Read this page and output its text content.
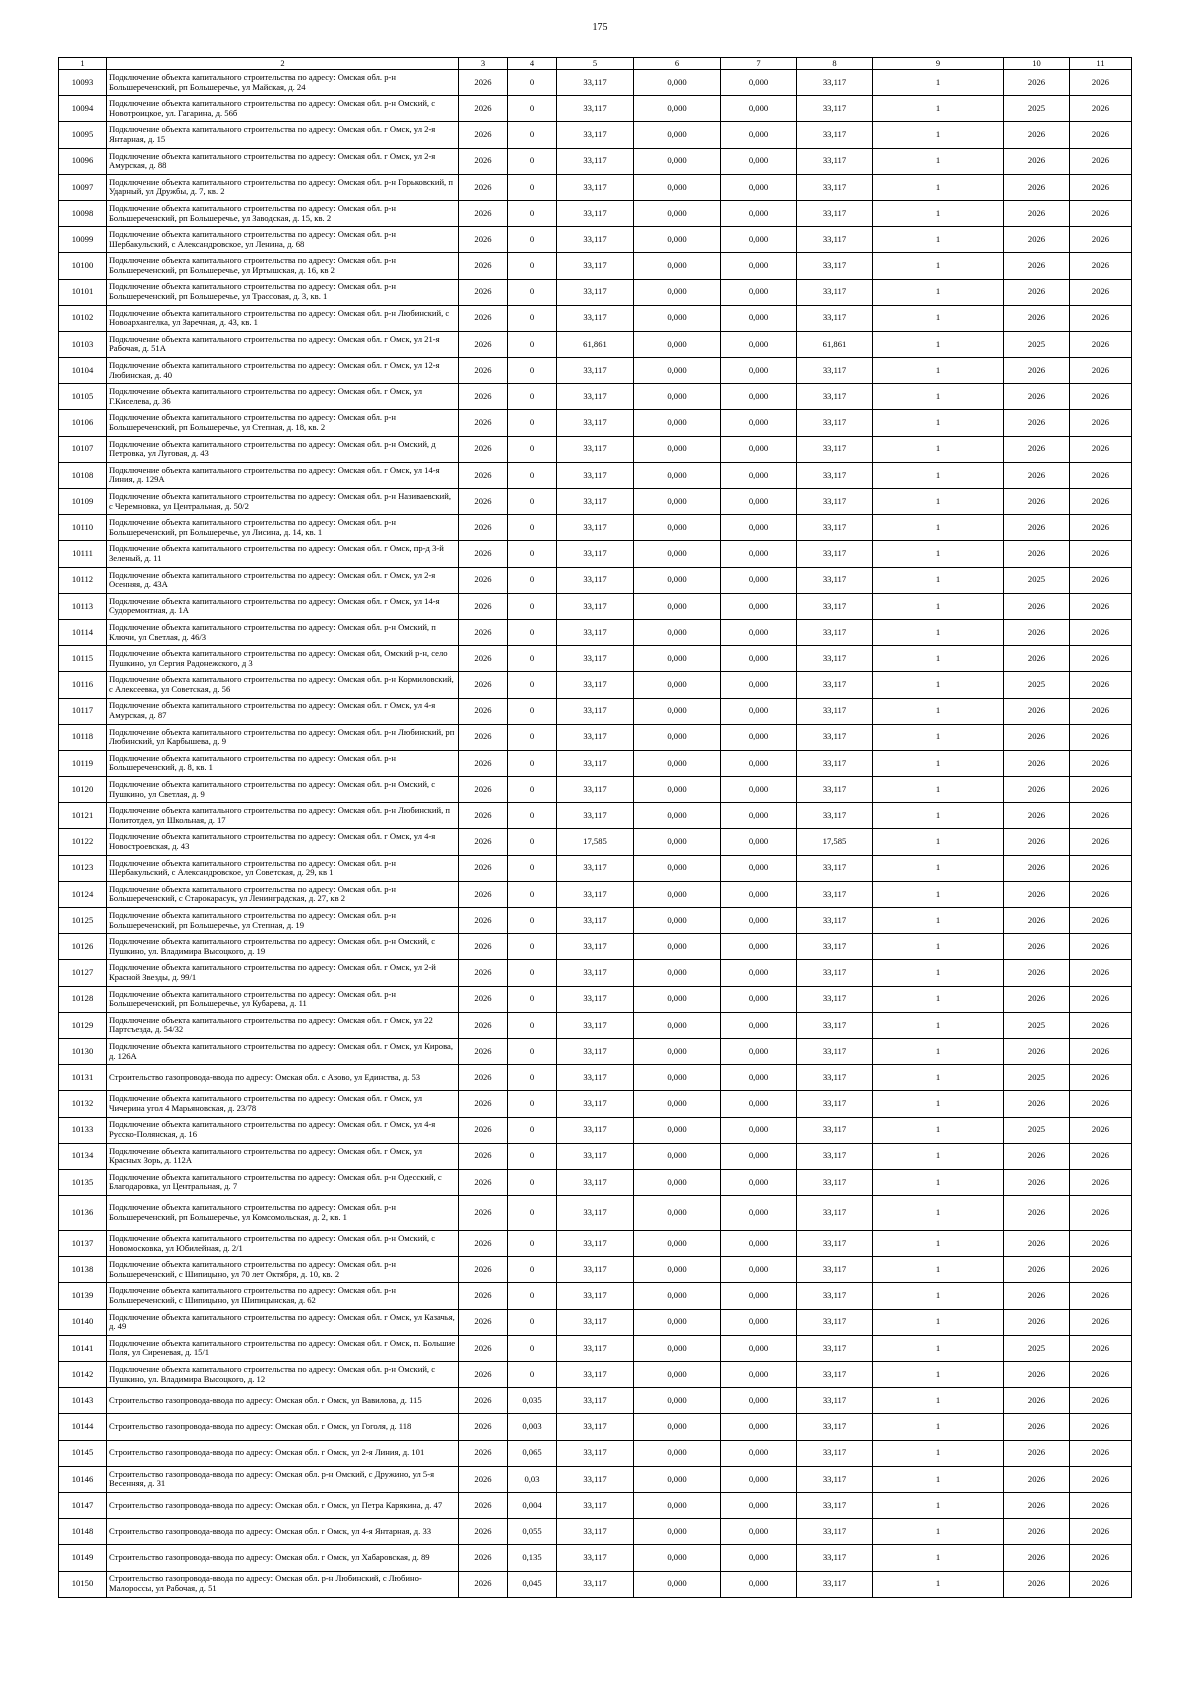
175
1	2	3	4	5	6	7	8	9	10	11
10093	Подключение объекта капитального строительства по адресу: Омская обл. р-н Большереченский, рп Большеречье, ул Майская, д. 24	2026	0	33,117	0,000	0,000	33,117	1	2026	2026
10094	Подключение объекта капитального строительства по адресу: Омская обл. р-н Омский, с Новотроицкое, ул. Гагарина, д. 56б	2026	0	33,117	0,000	0,000	33,117	1	2025	2026
10095	Подключение объекта капитального строительства по адресу: Омская обл. г Омск, ул 2-я Янтарная, д. 15	2026	0	33,117	0,000	0,000	33,117	1	2026	2026
10096	Подключение объекта капитального строительства по адресу: Омская обл. г Омск, ул 2-я Амурская, д. 88	2026	0	33,117	0,000	0,000	33,117	1	2026	2026
10097	Подключение объекта капитального строительства по адресу: Омская обл. р-н Горьковский, п Ударный, ул Дружбы, д. 7, кв. 2	2026	0	33,117	0,000	0,000	33,117	1	2026	2026
10098	Подключение объекта капитального строительства по адресу: Омская обл. р-н Большереченский, рп Большеречье, ул Заводская, д. 15, кв. 2	2026	0	33,117	0,000	0,000	33,117	1	2026	2026
10099	Подключение объекта капитального строительства по адресу: Омская обл. р-н Шербакульский, с Александровское, ул Ленина, д. 68	2026	0	33,117	0,000	0,000	33,117	1	2026	2026
10100	Подключение объекта капитального строительства по адресу: Омская обл. р-н Большереченский, рп Большеречье, ул Иртышская, д. 16, кв 2	2026	0	33,117	0,000	0,000	33,117	1	2026	2026
10101	Подключение объекта капитального строительства по адресу: Омская обл. р-н Большереченский, рп Большеречье, ул Трассовая, д. 3, кв. 1	2026	0	33,117	0,000	0,000	33,117	1	2026	2026
10102	Подключение объекта капитального строительства по адресу: Омская обл. р-н Любинский, с Новоархангелка, ул Заречная, д. 43, кв. 1	2026	0	33,117	0,000	0,000	33,117	1	2026	2026
10103	Подключение объекта капитального строительства по адресу: Омская обл. г Омск, ул 21-я Рабочая, д. 51А	2026	0	61,861	0,000	0,000	61,861	1	2025	2026
10104	Подключение объекта капитального строительства по адресу: Омская обл. г Омск, ул 12-я Любинская, д. 40	2026	0	33,117	0,000	0,000	33,117	1	2026	2026
10105	Подключение объекта капитального строительства по адресу: Омская обл. г Омск, ул Г.Киселева, д. 36	2026	0	33,117	0,000	0,000	33,117	1	2026	2026
10106	Подключение объекта капитального строительства по адресу: Омская обл. р-н Большереченский, рп Большеречье, ул Степная, д. 18, кв. 2	2026	0	33,117	0,000	0,000	33,117	1	2026	2026
10107	Подключение объекта капитального строительства по адресу: Омская обл. р-н Омский, д Петровка, ул Луговая, д. 43	2026	0	33,117	0,000	0,000	33,117	1	2026	2026
10108	Подключение объекта капитального строительства по адресу: Омская обл. г Омск, ул 14-я Линия, д. 129А	2026	0	33,117	0,000	0,000	33,117	1	2026	2026
10109	Подключение объекта капитального строительства по адресу: Омская обл. р-н Називаевский, с Черемновка, ул Центральная, д. 50/2	2026	0	33,117	0,000	0,000	33,117	1	2026	2026
10110	Подключение объекта капитального строительства по адресу: Омская обл. р-н Большереченский, рп Большеречье, ул Лисина, д. 14, кв. 1	2026	0	33,117	0,000	0,000	33,117	1	2026	2026
10111	Подключение объекта капитального строительства по адресу: Омская обл. г Омск, пр-д 3-й Зеленый, д. 11	2026	0	33,117	0,000	0,000	33,117	1	2026	2026
10112	Подключение объекта капитального строительства по адресу: Омская обл. г Омск, ул 2-я Осенняя, д. 43А	2026	0	33,117	0,000	0,000	33,117	1	2025	2026
10113	Подключение объекта капитального строительства по адресу: Омская обл. г Омск, ул 14-я Судоремонтная, д. 1А	2026	0	33,117	0,000	0,000	33,117	1	2026	2026
10114	Подключение объекта капитального строительства по адресу: Омская обл. р-н Омский, п Ключи, ул Светлая, д. 46/3	2026	0	33,117	0,000	0,000	33,117	1	2026	2026
10115	Подключение объекта капитального строительства по адресу: Омская обл, Омский р-н, село Пушкино, ул Сергия Радонежского, д 3	2026	0	33,117	0,000	0,000	33,117	1	2026	2026
10116	Подключение объекта капитального строительства по адресу: Омская обл. р-н Кормиловский, с Алексеевка, ул Советская, д. 56	2026	0	33,117	0,000	0,000	33,117	1	2025	2026
10117	Подключение объекта капитального строительства по адресу: Омская обл. г Омск, ул 4-я Амурская, д. 87	2026	0	33,117	0,000	0,000	33,117	1	2026	2026
10118	Подключение объекта капитального строительства по адресу: Омская обл. р-н Любинский, рп Любинский, ул Карбышева, д. 9	2026	0	33,117	0,000	0,000	33,117	1	2026	2026
10119	Подключение объекта капитального строительства по адресу: Омская обл. р-н Большереченский, д. 8, кв. 1	2026	0	33,117	0,000	0,000	33,117	1	2026	2026
10120	Подключение объекта капитального строительства по адресу: Омская обл. р-н Омский, с Пушкино, ул Светлая, д. 9	2026	0	33,117	0,000	0,000	33,117	1	2026	2026
10121	Подключение объекта капитального строительства по адресу: Омская обл. р-н Любинский, п Политотдел, ул Школьная, д. 17	2026	0	33,117	0,000	0,000	33,117	1	2026	2026
10122	Подключение объекта капитального строительства по адресу: Омская обл. г Омск, ул 4-я Новостроевская, д. 43	2026	0	17,585	0,000	0,000	17,585	1	2026	2026
10123	Подключение объекта капитального строительства по адресу: Омская обл. р-н Шербакульский, с Александровское, ул Советская, д. 29, кв 1	2026	0	33,117	0,000	0,000	33,117	1	2026	2026
10124	Подключение объекта капитального строительства по адресу: Омская обл. р-н Большереченский, с Старокарасук, ул Ленинградская, д. 27, кв 2	2026	0	33,117	0,000	0,000	33,117	1	2026	2026
10125	Подключение объекта капитального строительства по адресу: Омская обл. р-н Большереченский, рп Большеречье, ул Степная, д. 19	2026	0	33,117	0,000	0,000	33,117	1	2026	2026
10126	Подключение объекта капитального строительства по адресу: Омская обл. р-н Омский, с Пушкино, ул. Владимира Высоцкого, д. 19	2026	0	33,117	0,000	0,000	33,117	1	2026	2026
10127	Подключение объекта капитального строительства по адресу: Омская обл. г Омск, ул 2-й Красной Звезды, д. 99/1	2026	0	33,117	0,000	0,000	33,117	1	2026	2026
10128	Подключение объекта капитального строительства по адресу: Омская обл. р-н Большереченский, рп Большеречье, ул Кубарева, д. 11	2026	0	33,117	0,000	0,000	33,117	1	2026	2026
10129	Подключение объекта капитального строительства по адресу: Омская обл. г Омск, ул 22 Партсъезда, д. 54/32	2026	0	33,117	0,000	0,000	33,117	1	2025	2026
10130	Подключение объекта капитального строительства по адресу: Омская обл. г Омск, ул Кирова, д. 126А	2026	0	33,117	0,000	0,000	33,117	1	2026	2026
10131	Строительство газопровода-ввода по адресу: Омская обл. с Азово, ул Единства, д. 53	2026	0	33,117	0,000	0,000	33,117	1	2025	2026
10132	Подключение объекта капитального строительства по адресу: Омская обл. г Омск, ул Чичерина угол 4 Марьяновская, д. 23/78	2026	0	33,117	0,000	0,000	33,117	1	2026	2026
10133	Подключение объекта капитального строительства по адресу: Омская обл. г Омск, ул 4-я Русско-Полянская, д. 16	2026	0	33,117	0,000	0,000	33,117	1	2025	2026
10134	Подключение объекта капитального строительства по адресу: Омская обл. г Омск, ул Красных Зорь, д. 112А	2026	0	33,117	0,000	0,000	33,117	1	2026	2026
10135	Подключение объекта капитального строительства по адресу: Омская обл. р-н Одесский, с Благодаровка, ул Центральная, д. 7	2026	0	33,117	0,000	0,000	33,117	1	2026	2026
10136	Подключение объекта капитального строительства по адресу: Омская обл. р-н Большереченский, рп Большеречье, ул Комсомольская, д. 2, кв. 1	2026	0	33,117	0,000	0,000	33,117	1	2026	2026
10137	Подключение объекта капитального строительства по адресу: Омская обл. р-н Омский, с Новомосковка, ул Юбилейная, д. 2/1	2026	0	33,117	0,000	0,000	33,117	1	2026	2026
10138	Подключение объекта капитального строительства по адресу: Омская обл. р-н Большереченский, с Шипицыно, ул 70 лет Октября, д. 10, кв. 2	2026	0	33,117	0,000	0,000	33,117	1	2026	2026
10139	Подключение объекта капитального строительства по адресу: Омская обл. р-н Большереченский, с Шипицыно, ул Шипицынская, д. 62	2026	0	33,117	0,000	0,000	33,117	1	2026	2026
10140	Подключение объекта капитального строительства по адресу: Омская обл. г Омск, ул Казачья, д. 49	2026	0	33,117	0,000	0,000	33,117	1	2026	2026
10141	Подключение объекта капитального строительства по адресу: Омская обл. г Омск, п. Большие Поля, ул Сиреневая, д. 15/1	2026	0	33,117	0,000	0,000	33,117	1	2025	2026
10142	Подключение объекта капитального строительства по адресу: Омская обл. р-н Омский, с Пушкино, ул. Владимира Высоцкого, д. 12	2026	0	33,117	0,000	0,000	33,117	1	2026	2026
10143	Строительство газопровода-ввода по адресу: Омская обл. г Омск, ул Вавилова, д. 115	2026	0,035	33,117	0,000	0,000	33,117	1	2026	2026
10144	Строительство газопровода-ввода по адресу: Омская обл. г Омск, ул Гоголя, д. 118	2026	0,003	33,117	0,000	0,000	33,117	1	2026	2026
10145	Строительство газопровода-ввода по адресу: Омская обл. г Омск, ул 2-я Линия, д. 101	2026	0,065	33,117	0,000	0,000	33,117	1	2026	2026
10146	Строительство газопровода-ввода по адресу: Омская обл. р-н Омский, с Дружино, ул 5-я Весенняя, д. 31	2026	0,03	33,117	0,000	0,000	33,117	1	2026	2026
10147	Строительство газопровода-ввода по адресу: Омская обл. г Омск, ул Петра Карякина, д. 47	2026	0,004	33,117	0,000	0,000	33,117	1	2026	2026
10148	Строительство газопровода-ввода по адресу: Омская обл. г Омск, ул 4-я Янтарная, д. 33	2026	0,055	33,117	0,000	0,000	33,117	1	2026	2026
10149	Строительство газопровода-ввода по адресу: Омская обл. г Омск, ул Хабаровская, д. 89	2026	0,135	33,117	0,000	0,000	33,117	1	2026	2026
10150	Строительство газопровода-ввода по адресу: Омская обл. р-н Любинский, с Любино-Малороссы, ул Рабочая, д. 51	2026	0,045	33,117	0,000	0,000	33,117	1	2026	2026
